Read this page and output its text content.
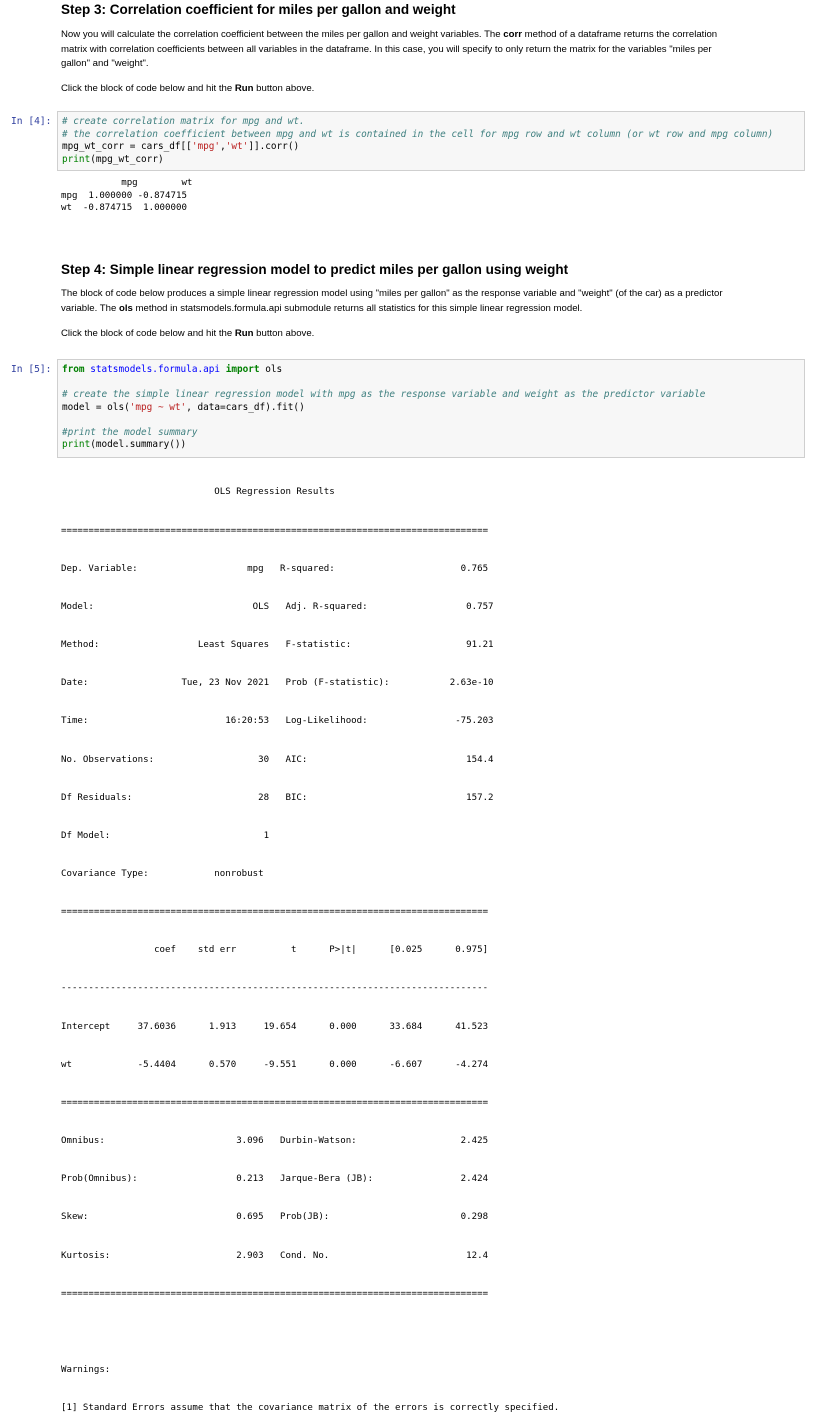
Step 3: Correlation coefficient for miles per gallon and weight

Now you will calculate the correlation coefficient between the miles per gallon and weight variables. The corr method of a dataframe returns the correlation
matrix with correlation coefficients between all variables in the dataframe. In this case, you will specify to only return the matrix for the variables "miles per
gallon" and "weight".

Click the block of code below and hit the Run button above.

In [4]: # create correlation matrix for mpg and wt.
# the correlation coefficient between mpg and wt is contained in the cell for mpg row and wt column (or wt row and mpg column)
mpg_wt_corr = cars_df[['mpg','wt']].corr()
print(mpg_wt_corr)
mpg        wt
mpg  1.000000 -0.874715
wt  -0.874715  1.000000
Step 4: Simple linear regression model to predict miles per gallon using weight

The block of code below produces a simple linear regression model using "miles per gallon" as the response variable and "weight" (of the car) as a predictor
variable. The ols method in statsmodels.formula.api submodule returns all statistics for this simple linear regression model.

Click the block of code below and hit the Run button above.

In [5]: from statsmodels.formula.api import ols

# create the simple linear regression model with mpg as the response variable and weight as the predictor variable
model = ols('mpg ~ wt', data=cars_df).fit()

#print the model summary
print(model.summary())

OLS Regression Results

==============================================================================

Dep. Variable:                    mpg   R-squared:                       0.765

Model:                             OLS   Adj. R-squared:                  0.757

Method:                  Least Squares   F-statistic:                     91.21

Date:                 Tue, 23 Nov 2021   Prob (F-statistic):           2.63e-10

Time:                         16:20:53   Log-Likelihood:                -75.203

No. Observations:                   30   AIC:                             154.4

Df Residuals:                       28   BIC:                             157.2

Df Model:                            1

Covariance Type:            nonrobust

==============================================================================

coef    std err          t      P>|t|      [0.025      0.975]

------------------------------------------------------------------------------

Intercept     37.6036      1.913     19.654      0.000      33.684      41.523

wt            -5.4404      0.570     -9.551      0.000      -6.607      -4.274

==============================================================================

Omnibus:                        3.096   Durbin-Watson:                   2.425

Prob(Omnibus):                  0.213   Jarque-Bera (JB):                2.424

Skew:                           0.695   Prob(JB):                        0.298

Kurtosis:                       2.903   Cond. No.                         12.4

==============================================================================

Warnings:

[1] Standard Errors assume that the covariance matrix of the errors is correctly specified.
